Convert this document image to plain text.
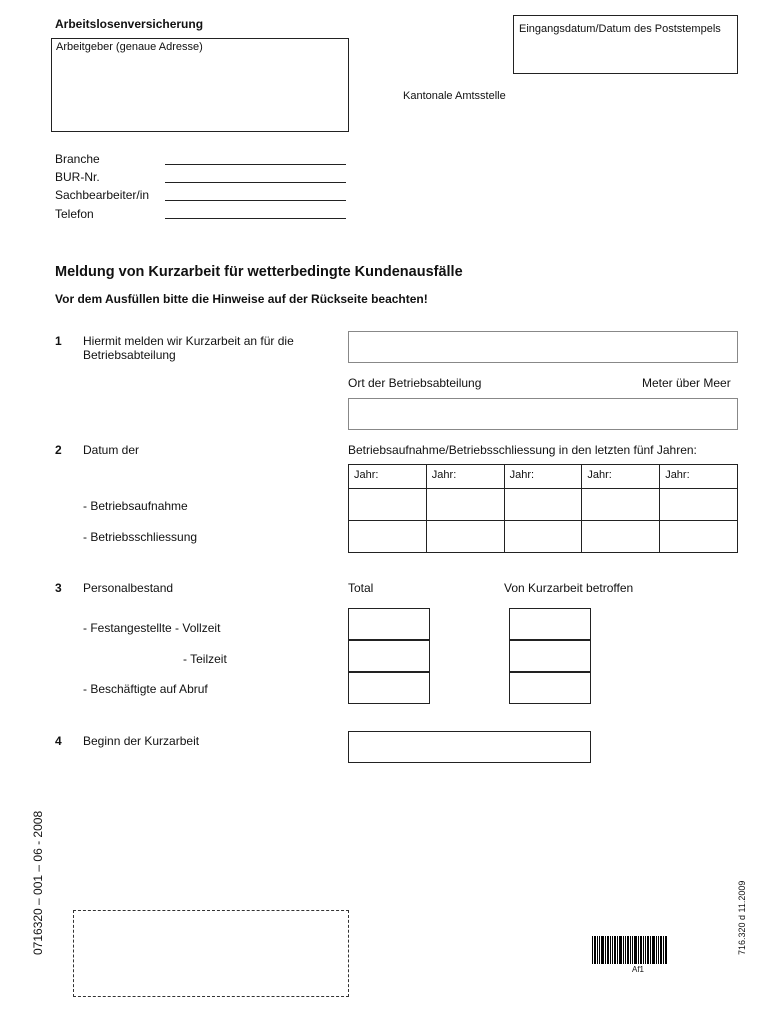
Arbeitslosenversicherung
Arbeitgeber (genaue Adresse)
Eingangsdatum/Datum des Poststempels
Kantonale Amtsstelle
Branche
BUR-Nr.
Sachbearbeiter/in
Telefon
Meldung von Kurzarbeit für wetterbedingte Kundenausfälle
Vor dem Ausfüllen bitte die Hinweise auf der Rückseite beachten!
1 Hiermit melden wir Kurzarbeit an für die Betriebsabteilung
Ort der Betriebsabteilung	Meter über Meer
2 Datum der	Betriebsaufnahme/Betriebsschliessung in den letzten fünf Jahren:
Jahr:	Jahr:	Jahr:	Jahr:	Jahr:

- Betriebsaufnahme
- Betriebsschliessung
3 Personalbestand	Total	Von Kurzarbeit betroffen
- Festangestellte - Vollzeit
- Teilzeit
- Beschäftigte auf Abruf
4 Beginn der Kurzarbeit
0716320 – 001 – 06 - 2008	716.320 d 11.2009
Af1
